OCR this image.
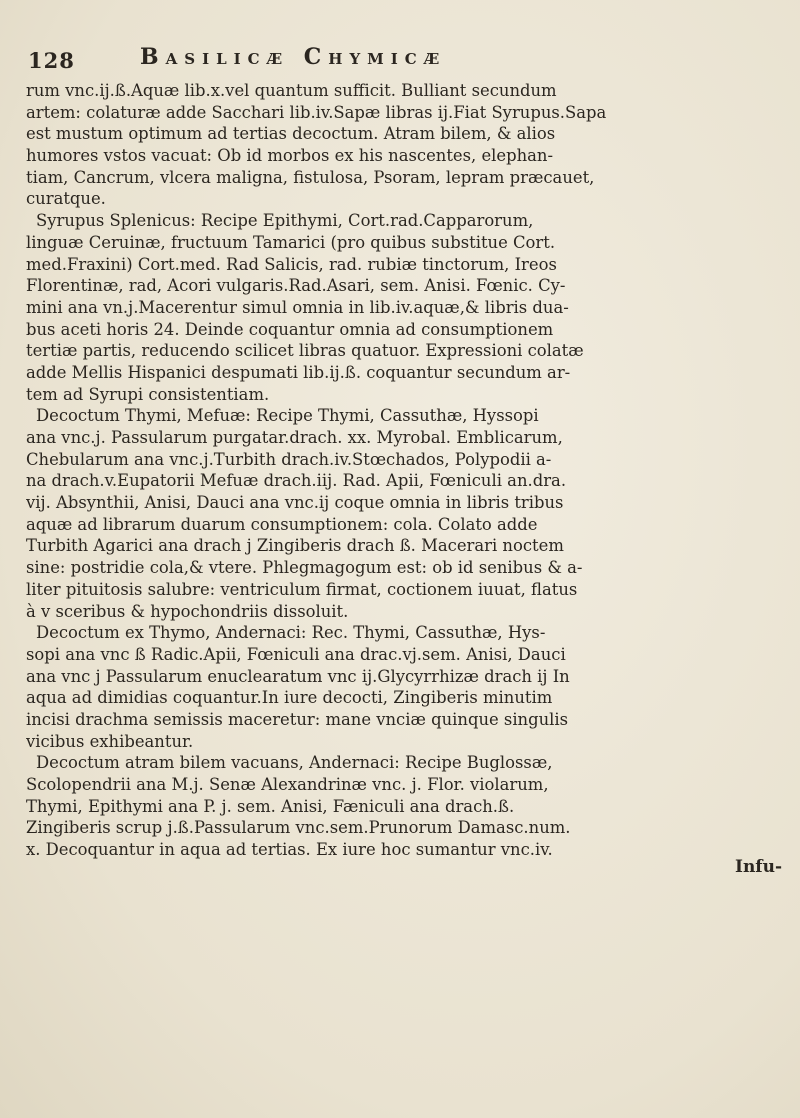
128	Basilicæ Chymicæ
rum vnc.ij.ß.Aquæ lib.x.vel quantum sufficit. Bulliant secundum
artem: colaturæ adde Sacchari lib.iv.Sapæ libras ij.Fiat Syrupus.Sapa
est mustum optimum ad tertias decoctum. Atram bilem, & alios
humores vstos vacuat: Ob id morbos ex his nascentes, elephan-
tiam, Cancrum, vlcera maligna, fistulosa, Psoram, lepram præcauet,
curatque.
Syrupus Splenicus: Recipe Epithymi, Cort.rad.Capparorum,
linguæ Ceruinæ, fructuum Tamarici (pro quibus substitue Cort.
med.Fraxini) Cort.med. Rad Salicis, rad. rubiæ tinctorum, Ireos
Florentinæ, rad, Acori vulgaris.Rad.Asari, sem. Anisi. Fœnic. Cy-
mini ana vn.j.Macerentur simul omnia in lib.iv.aquæ,& libris dua-
bus aceti horis 24. Deinde coquantur omnia ad consumptionem
tertiæ partis, reducendo scilicet libras quatuor. Expressioni colatæ
adde Mellis Hispanici despumati lib.ij.ß. coquantur secundum ar-
tem ad Syrupi consistentiam.
Decoctum Thymi, Mefuæ: Recipe Thymi, Cassuthæ, Hyssopi
ana vnc.j. Passularum purgatar.drach. xx. Myrobal. Emblicarum,
Chebularum ana vnc.j.Turbith drach.iv.Stœchados, Polypodii a-
na drach.v.Eupatorii Mefuæ drach.iij. Rad. Apii, Fœniculi an.dra.
vij. Absynthii, Anisi, Dauci ana vnc.ij coque omnia in libris tribus
aquæ ad librarum duarum consumptionem: cola. Colato adde
Turbith Agarici ana drach j Zingiberis drach ß. Macerari noctem
sine: postridie cola,& vtere. Phlegmagogum est: ob id senibus & a-
liter pituitosis salubre: ventriculum firmat, coctionem iuuat, flatus
à v sceribus & hypochondriis dissoluit.
Decoctum ex Thymo, Andernaci: Rec. Thymi, Cassuthæ, Hys-
sopi ana vnc ß Radic.Apii, Fœniculi ana drac.vj.sem. Anisi, Dauci
ana vnc j Passularum enuclearatum vnc ij.Glycyrrhizæ drach ij In
aqua ad dimidias coquantur.In iure decocti, Zingiberis minutim
incisi drachma semissis maceretur: mane vnciæ quinque singulis
vicibus exhibeantur.
Decoctum atram bilem vacuans, Andernaci: Recipe Buglossæ,
Scolopendrii ana M.j. Senæ Alexandrinæ vnc. j. Flor. violarum,
Thymi, Epithymi ana P. j. sem. Anisi, Fæniculi ana drach.ß.
Zingiberis scrup j.ß.Passularum vnc.sem.Prunorum Damasc.num.
x. Decoquantur in aqua ad tertias. Ex iure hoc sumantur vnc.iv.
Infu-
